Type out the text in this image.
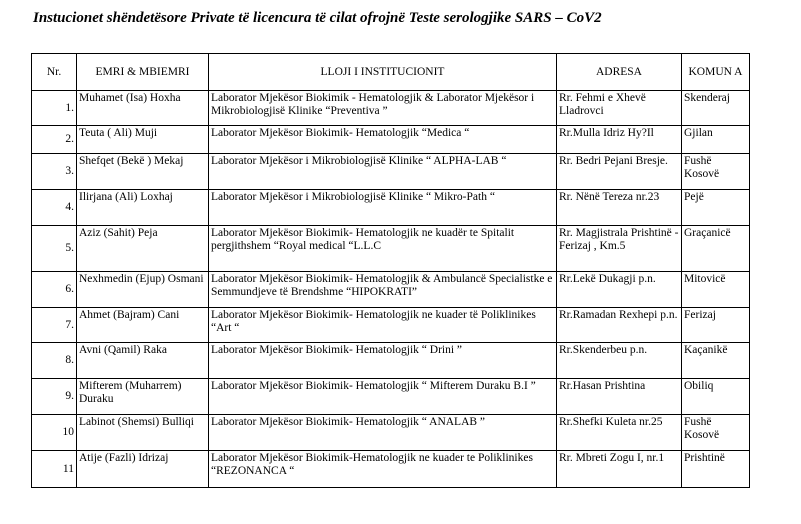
Instucionet shëndetësore Private të licencura të cilat ofrojnë Teste serologjike SARS – CoV2
Nr.	EMRI & MBIEMRI	LLOJI I INSTITUCIONIT	ADRESA	KOMUN A
1.	Muhamet (Isa) Hoxha	Laborator Mjekësor Biokimik - Hematologjik & Laborator Mjekësor i Mikrobiologjisë Klinike “Preventiva ”	Rr. Fehmi e Xhevë Lladrovci	Skenderaj
2.	Teuta ( Ali) Muji	Laborator Mjekësor Biokimik- Hematologjik “Medica “	Rr.Mulla Idriz Hy?Il	Gjilan
3.	Shefqet (Bekë ) Mekaj	Laborator Mjekësor i Mikrobiologjisë Klinike “ ALPHA-LAB “	Rr. Bedri Pejani Bresje.	Fushë Kosovë
4.	Ilirjana (Ali) Loxhaj	Laborator Mjekësor i Mikrobiologjisë Klinike “ Mikro-Path “	Rr. Nënë Tereza nr.23	Pejë
5.	Aziz (Sahit) Peja	Laborator Mjekësor Biokimik- Hematologjik ne kuadër te Spitalit pergjithshem “Royal medical “L.L.C	Rr. Magjistrala Prishtinë -Ferizaj , Km.5	Graçanicë
6.	Nexhmedin (Ejup) Osmani	Laborator Mjekësor Biokimik- Hematologjik & Ambulancë Specialistke e Semmundjeve të Brendshme “HIPOKRATI”	Rr.Lekë Dukagji p.n.	Mitovicë
7.	Ahmet (Bajram) Cani	Laborator Mjekësor Biokimik- Hematologjik ne kuader të Poliklinikes “Art “	Rr.Ramadan Rexhepi p.n.	Ferizaj
8.	Avni (Qamil) Raka	Laborator Mjekësor Biokimik- Hematologjik “ Drini ”	Rr.Skenderbeu p.n.	Kaçanikë
9.	Mifterem (Muharrem) Duraku	Laborator Mjekësor Biokimik- Hematologjik “ Mifterem Duraku B.I ”	Rr.Hasan Prishtina	Obiliq
10	Labinot (Shemsi) Bulliqi	Laborator Mjekësor Biokimik- Hematologjik “ ANALAB ”	Rr.Shefki Kuleta nr.25	Fushë Kosovë
11	Atije (Fazli) Idrizaj	Laborator Mjekësor Biokimik-Hematologjik ne kuader te Poliklinikes “REZONANCA “	Rr. Mbreti Zogu I, nr.1	Prishtinë
